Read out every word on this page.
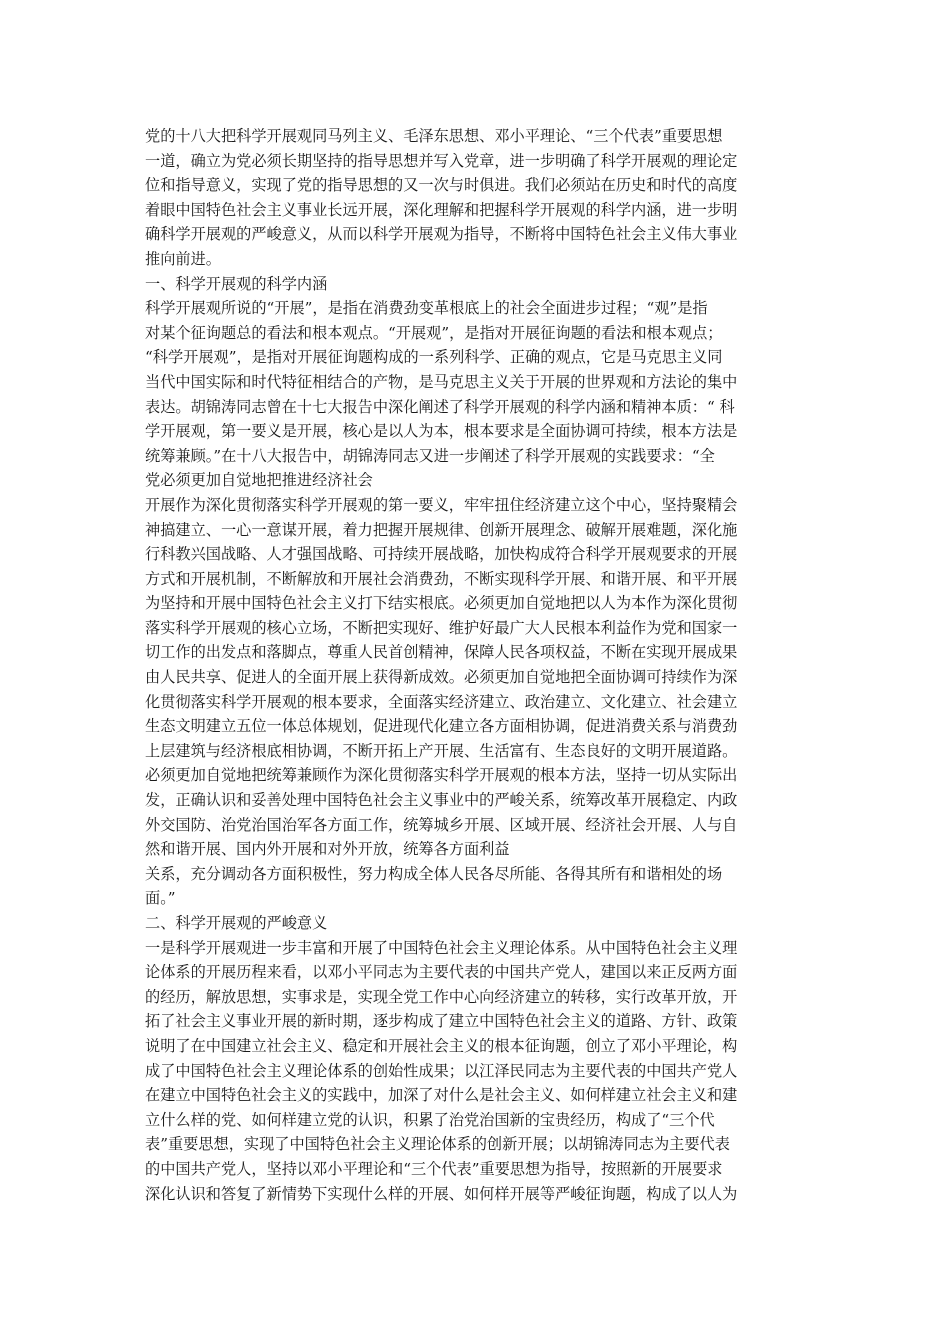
党的十八大把科学开展观同马列主义、毛泽东思想、邓小平理论、“三个代表”重要思想
一道，确立为党必须长期坚持的指导思想并写入党章，进一步明确了科学开展观的理论定
位和指导意义，实现了党的指导思想的又一次与时俱进。我们必须站在历史和时代的高度
着眼中国特色社会主义事业长远开展，深化理解和把握科学开展观的科学内涵，进一步明
确科学开展观的严峻意义，从而以科学开展观为指导，不断将中国特色社会主义伟大事业
推向前进。
一、科学开展观的科学内涵
科学开展观所说的“开展”，是指在消费劲变革根底上的社会全面进步过程；“观”是指
对某个征询题总的看法和根本观点。“开展观”，是指对开展征询题的看法和根本观点；
“科学开展观”，是指对开展征询题构成的一系列科学、正确的观点，它是马克思主义同
当代中国实际和时代特征相结合的产物，是马克思主义关于开展的世界观和方法论的集中
表达。胡锦涛同志曾在十七大报告中深化阐述了科学开展观的科学内涵和精神本质：“ 科
学开展观，第一要义是开展，核心是以人为本，根本要求是全面协调可持续，根本方法是
统筹兼顾。”在十八大报告中，胡锦涛同志又进一步阐述了科学开展观的实践要求：“全
党必须更加自觉地把推进经济社会
开展作为深化贯彻落实科学开展观的第一要义，牢牢扭住经济建立这个中心，坚持聚精会
神搞建立、一心一意谋开展，着力把握开展规律、创新开展理念、破解开展难题，深化施
行科教兴国战略、人才强国战略、可持续开展战略，加快构成符合科学开展观要求的开展
方式和开展机制，不断解放和开展社会消费劲，不断实现科学开展、和谐开展、和平开展
为坚持和开展中国特色社会主义打下结实根底。必须更加自觉地把以人为本作为深化贯彻
落实科学开展观的核心立场，不断把实现好、维护好最广大人民根本利益作为党和国家一
切工作的出发点和落脚点，尊重人民首创精神，保障人民各项权益，不断在实现开展成果
由人民共享、促进人的全面开展上获得新成效。必须更加自觉地把全面协调可持续作为深
化贯彻落实科学开展观的根本要求，全面落实经济建立、政治建立、文化建立、社会建立
生态文明建立五位一体总体规划，促进现代化建立各方面相协调，促进消费关系与消费劲
上层建筑与经济根底相协调，不断开拓上产开展、生活富有、生态良好的文明开展道路。
必须更加自觉地把统筹兼顾作为深化贯彻落实科学开展观的根本方法，坚持一切从实际出
发，正确认识和妥善处理中国特色社会主义事业中的严峻关系，统筹改革开展稳定、内政
外交国防、治党治国治军各方面工作，统筹城乡开展、区域开展、经济社会开展、人与自
然和谐开展、国内外开展和对外开放，统筹各方面利益
关系，充分调动各方面积极性，努力构成全体人民各尽所能、各得其所有和谐相处的场
面。”
二、科学开展观的严峻意义
一是科学开展观进一步丰富和开展了中国特色社会主义理论体系。从中国特色社会主义理
论体系的开展历程来看，以邓小平同志为主要代表的中国共产党人，建国以来正反两方面
的经历，解放思想，实事求是，实现全党工作中心向经济建立的转移，实行改革开放，开
拓了社会主义事业开展的新时期，逐步构成了建立中国特色社会主义的道路、方针、政策
说明了在中国建立社会主义、稳定和开展社会主义的根本征询题，创立了邓小平理论，构
成了中国特色社会主义理论体系的创始性成果；以江泽民同志为主要代表的中国共产党人
在建立中国特色社会主义的实践中，加深了对什么是社会主义、如何样建立社会主义和建
立什么样的党、如何样建立党的认识，积累了治党治国新的宝贵经历，构成了“三个代
表”重要思想，实现了中国特色社会主义理论体系的创新开展；以胡锦涛同志为主要代表
的中国共产党人，坚持以邓小平理论和“三个代表”重要思想为指导，按照新的开展要求
深化认识和答复了新情势下实现什么样的开展、如何样开展等严峻征询题，构成了以人为
